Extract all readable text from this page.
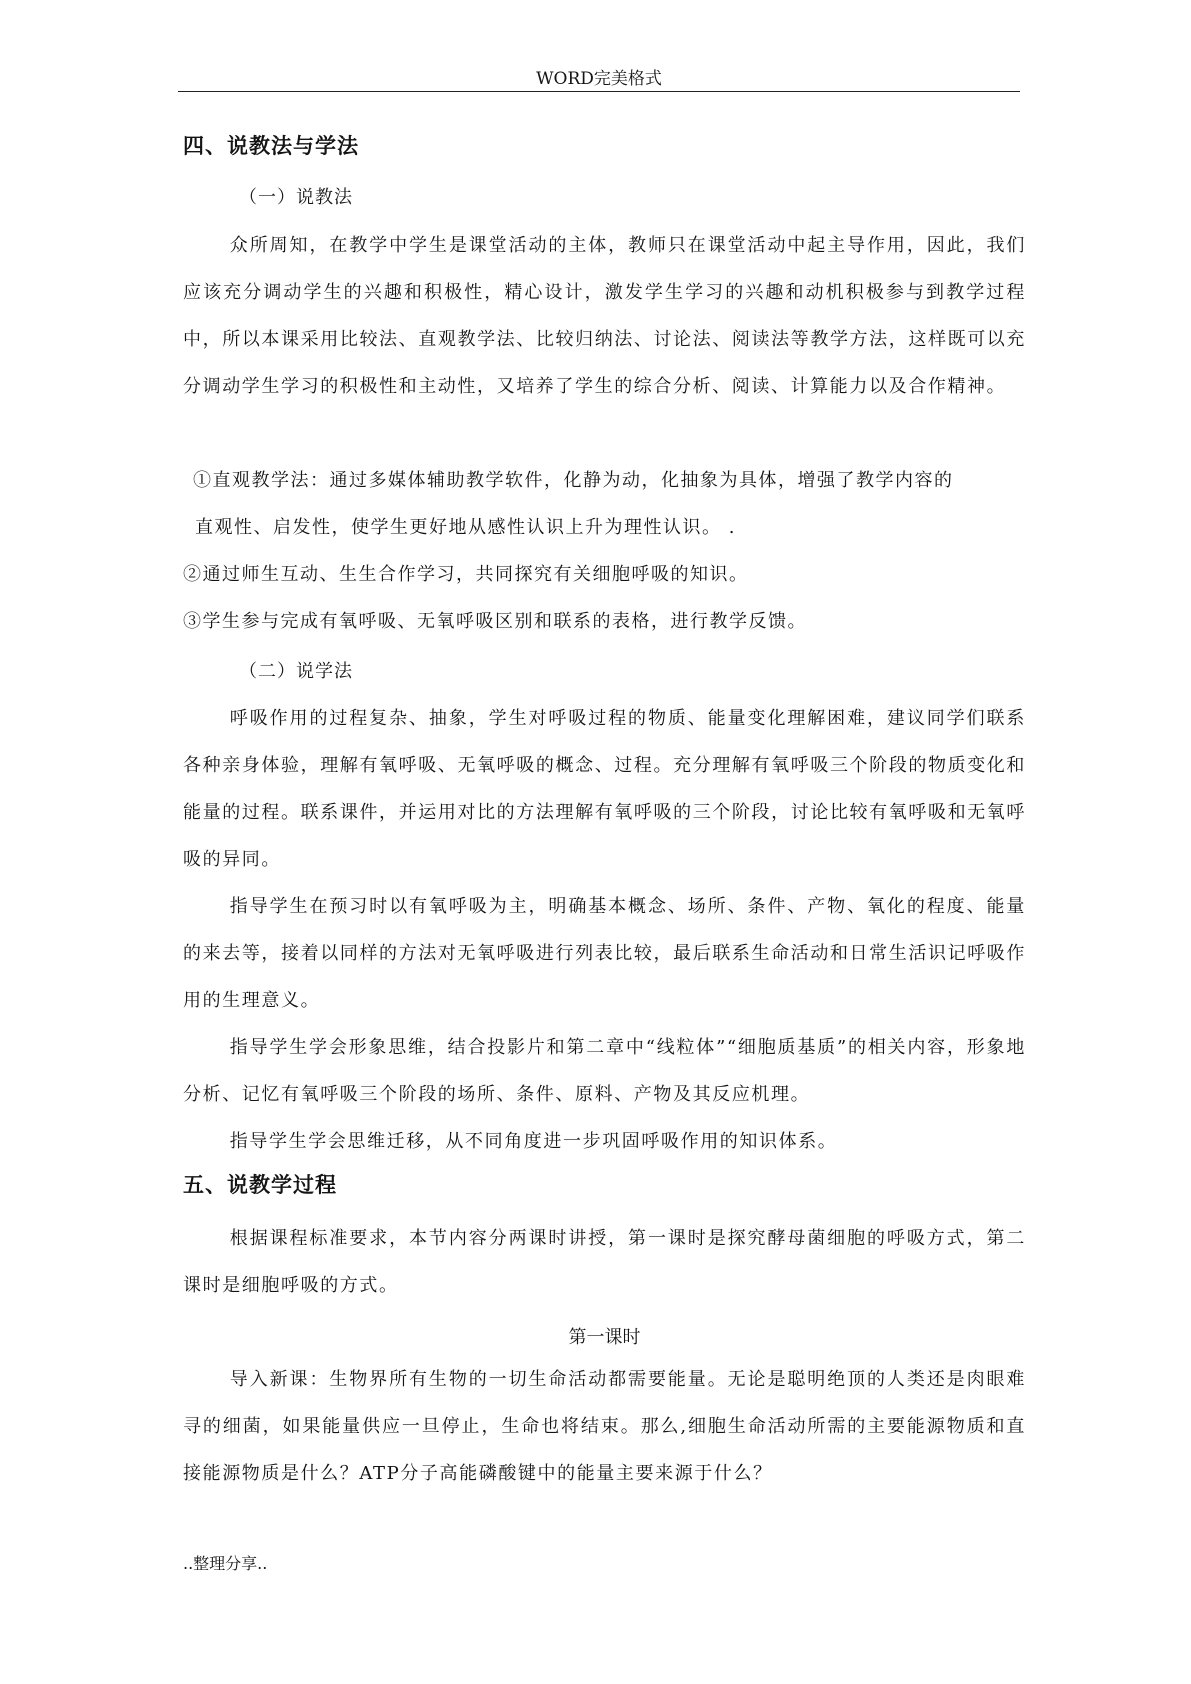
WORD完美格式
四、说教法与学法
（一）说教法
众所周知，在教学中学生是课堂活动的主体，教师只在课堂活动中起主导作用，因此，我们应该充分调动学生的兴趣和积极性，精心设计，激发学生学习的兴趣和动机积极参与到教学过程中，所以本课采用比较法、直观教学法、比较归纳法、讨论法、阅读法等教学方法，这样既可以充分调动学生学习的积极性和主动性，又培养了学生的综合分析、阅读、计算能力以及合作精神。
①直观教学法：通过多媒体辅助教学软件，化静为动，化抽象为具体，增强了教学内容的
直观性、启发性，使学生更好地从感性认识上升为理性认识。 .
②通过师生互动、生生合作学习，共同探究有关细胞呼吸的知识。
③学生参与完成有氧呼吸、无氧呼吸区别和联系的表格，进行教学反馈。
（二）说学法
呼吸作用的过程复杂、抽象，学生对呼吸过程的物质、能量变化理解困难，建议同学们联系各种亲身体验，理解有氧呼吸、无氧呼吸的概念、过程。充分理解有氧呼吸三个阶段的物质变化和能量的过程。联系课件，并运用对比的方法理解有氧呼吸的三个阶段，讨论比较有氧呼吸和无氧呼吸的异同。
指导学生在预习时以有氧呼吸为主，明确基本概念、场所、条件、产物、氧化的程度、能量的来去等，接着以同样的方法对无氧呼吸进行列表比较，最后联系生命活动和日常生活识记呼吸作用的生理意义。
指导学生学会形象思维，结合投影片和第二章中“线粒体”“细胞质基质”的相关内容，形象地分析、记忆有氧呼吸三个阶段的场所、条件、原料、产物及其反应机理。
指导学生学会思维迁移，从不同角度进一步巩固呼吸作用的知识体系。
五、说教学过程
根据课程标准要求，本节内容分两课时讲授，第一课时是探究酵母菌细胞的呼吸方式，第二课时是细胞呼吸的方式。
第一课时
导入新课：生物界所有生物的一切生命活动都需要能量。无论是聪明绝顶的人类还是肉眼难寻的细菌，如果能量供应一旦停止，生命也将结束。那么,细胞生命活动所需的主要能源物质和直接能源物质是什么？ATP分子高能磷酸键中的能量主要来源于什么？
..整理分享..
